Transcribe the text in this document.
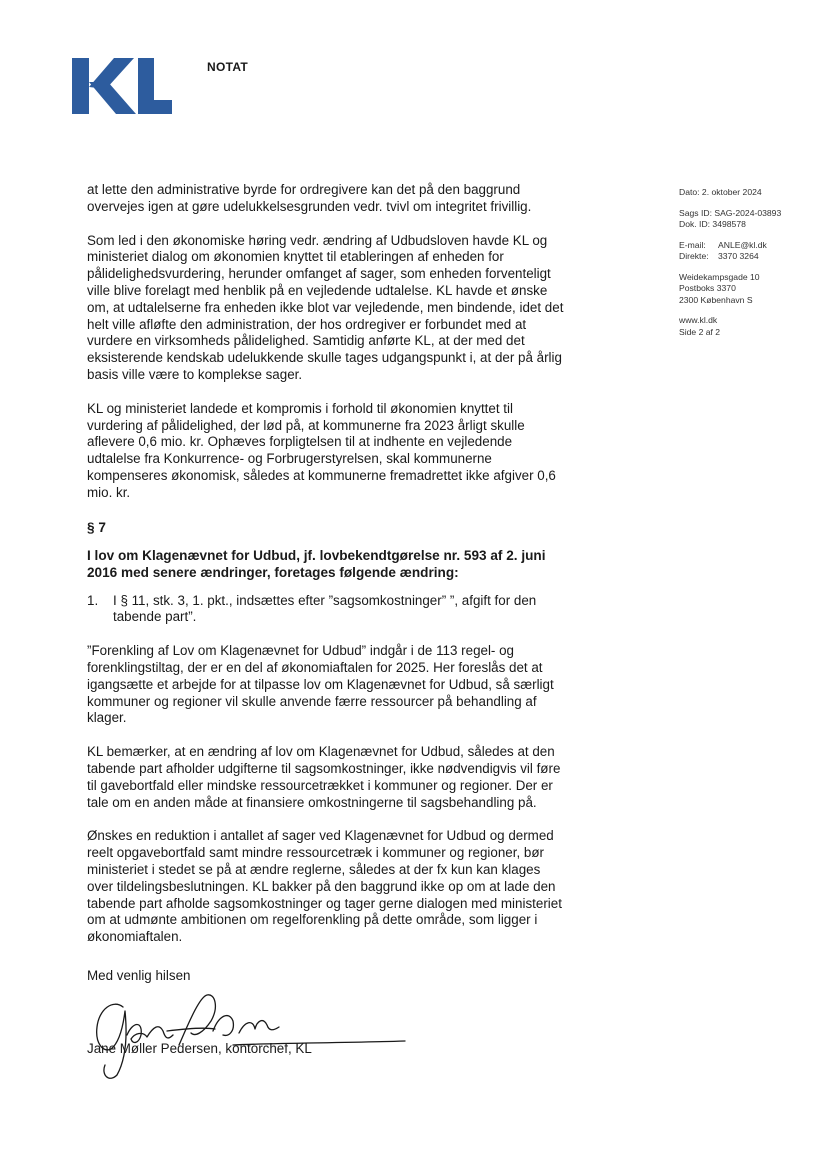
NOTAT

at lette den administrative byrde for ordregivere kan det på den baggrund overvejes igen at gøre udelukkelsesgrunden vedr. tvivl om integritet frivillig.

Som led i den økonomiske høring vedr. ændring af Udbudsloven havde KL og ministeriet dialog om økonomien knyttet til etableringen af enheden for pålidelighedsvurdering, herunder omfanget af sager, som enheden forventeligt ville blive forelagt med henblik på en vejledende udtalelse. KL havde et ønske om, at udtalelserne fra enheden ikke blot var vejledende, men bindende, idet det helt ville afløfte den administration, der hos ordregiver er forbundet med at vurdere en virksomheds pålidelighed. Samtidig anførte KL, at der med det eksisterende kendskab udelukkende skulle tages udgangspunkt i, at der på årlig basis ville være to komplekse sager.

KL og ministeriet landede et kompromis i forhold til økonomien knyttet til vurdering af pålidelighed, der lød på, at kommunerne fra 2023 årligt skulle aflevere 0,6 mio. kr. Ophæves forpligtelsen til at indhente en vejledende udtalelse fra Konkurrence- og Forbrugerstyrelsen, skal kommunerne kompenseres økonomisk, således at kommunerne fremadrettet ikke afgiver 0,6 mio. kr.

§ 7
I lov om Klagenævnet for Udbud, jf. lovbekendtgørelse nr. 593 af 2. juni 2016 med senere ændringer, foretages følgende ændring:
1.	I § 11, stk. 3, 1. pkt., indsættes efter ”sagsomkostninger” ”, afgift for den tabende part”.

”Forenkling af Lov om Klagenævnet for Udbud” indgår i de 113 regel- og forenklingstiltag, der er en del af økonomiaftalen for 2025. Her foreslås det at igangsætte et arbejde for at tilpasse lov om Klagenævnet for Udbud, så særligt kommuner og regioner vil skulle anvende færre ressourcer på behandling af klager.

KL bemærker, at en ændring af lov om Klagenævnet for Udbud, således at den tabende part afholder udgifterne til sagsomkostninger, ikke nødvendigvis vil føre til gavebortfald eller mindske ressourcetrækket i kommuner og regioner. Der er tale om en anden måde at finansiere omkostningerne til sagsbehandling på.

Ønskes en reduktion i antallet af sager ved Klagenævnet for Udbud og dermed reelt opgavebortfald samt mindre ressourcetræk i kommuner og regioner, bør ministeriet i stedet se på at ændre reglerne, således at der fx kun kan klages over tildelingsbeslutningen. KL bakker på den baggrund ikke op om at lade den tabende part afholde sagsomkostninger og tager gerne dialogen med ministeriet om at udmønte ambitionen om regelforenkling på dette område, som ligger i økonomiaftalen.

Med venlig hilsen
Jane Møller Pedersen, kontorchef, KL
Dato: 2. oktober 2024
Sags ID: SAG-2024-03893
Dok. ID: 3498578
E-mail: ANLE@kl.dk
Direkte: 3370 3264
Weidekampsgade 10
Postboks 3370
2300 København S
www.kl.dk
Side 2 af 2
